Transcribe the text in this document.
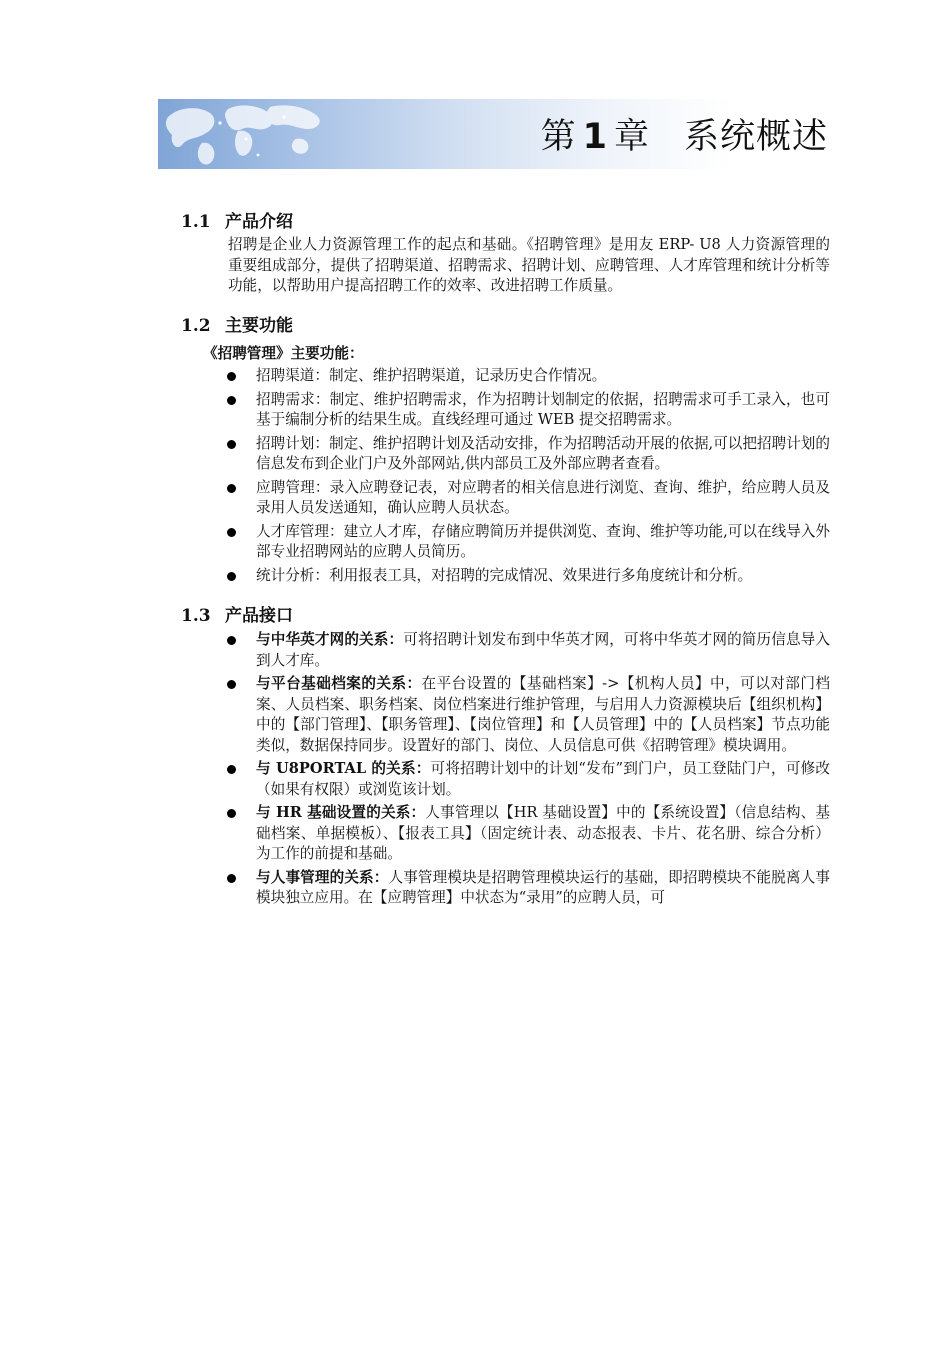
第 1 章 系统概述
1.1 产品介绍

招聘是企业人力资源管理工作的起点和基础。《招聘管理》是用友 ERP- U8 人力资源管理的重要组成部分，提供了招聘渠道、招聘需求、招聘计划、应聘管理、人才库管理和统计分析等功能，以帮助用户提高招聘工作的效率、改进招聘工作质量。

1.2 主要功能

《招聘管理》主要功能：

招聘渠道：制定、维护招聘渠道，记录历史合作情况。
招聘需求：制定、维护招聘需求，作为招聘计划制定的依据，招聘需求可手工录入，也可基于编制分析的结果生成。直线经理可通过 WEB 提交招聘需求。
招聘计划：制定、维护招聘计划及活动安排，作为招聘活动开展的依据,可以把招聘计划的信息发布到企业门户及外部网站,供内部员工及外部应聘者查看。
应聘管理：录入应聘登记表，对应聘者的相关信息进行浏览、查询、维护，给应聘人员及录用人员发送通知，确认应聘人员状态。
人才库管理：建立人才库，存储应聘简历并提供浏览、查询、维护等功能,可以在线导入外部专业招聘网站的应聘人员简历。
统计分析：利用报表工具，对招聘的完成情况、效果进行多角度统计和分析。
1.3 产品接口
与中华英才网的关系：可将招聘计划发布到中华英才网，可将中华英才网的简历信息导入到人才库。
与平台基础档案的关系：在平台设置的【基础档案】->【机构人员】中，可以对部门档案、人员档案、职务档案、岗位档案进行维护管理，与启用人力资源模块后【组织机构】中的【部门管理】、【职务管理】、【岗位管理】和【人员管理】中的【人员档案】节点功能类似，数据保持同步。设置好的部门、岗位、人员信息可供《招聘管理》模块调用。
与 U8PORTAL 的关系：可将招聘计划中的计划“发布”到门户，员工登陆门户，可修改（如果有权限）或浏览该计划。
与 HR 基础设置的关系：人事管理以【HR 基础设置】中的【系统设置】（信息结构、基础档案、单据模板）、【报表工具】（固定统计表、动态报表、卡片、花名册、综合分析）为工作的前提和基础。
与人事管理的关系：人事管理模块是招聘管理模块运行的基础，即招聘模块不能脱离人事模块独立应用。在【应聘管理】中状态为“录用”的应聘人员，可
